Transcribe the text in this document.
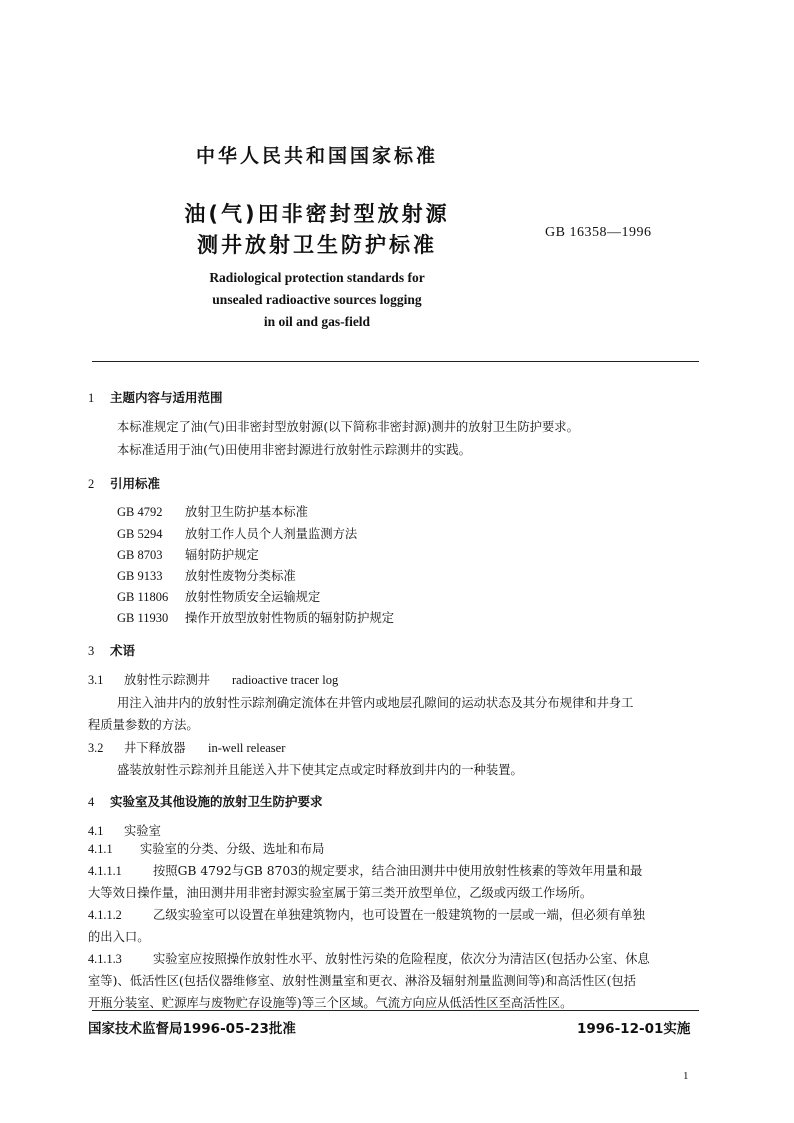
中华人民共和国国家标准
油(气)田非密封型放射源
测井放射卫生防护标准
GB 16358—1996
Radiological protection standards for
unsealed radioactive sources logging
in oil and gas-field
1 主题内容与适用范围
本标准规定了油(气)田非密封型放射源(以下简称非密封源)测井的放射卫生防护要求。
本标准适用于油(气)田使用非密封源进行放射性示踪测井的实践。
2 引用标准
GB 4792 放射卫生防护基本标准
GB 5294 放射工作人员个人剂量监测方法
GB 8703 辐射防护规定
GB 9133 放射性废物分类标准
GB 11806 放射性物质安全运输规定
GB 11930 操作开放型放射性物质的辐射防护规定
3 术语
3.1 放射性示踪测井 radioactive tracer log
用注入油井内的放射性示踪剂确定流体在井管内或地层孔隙间的运动状态及其分布规律和井身工
程质量参数的方法。
3.2 井下释放器 in-well releaser
盛装放射性示踪剂并且能送入井下使其定点或定时释放到井内的一种装置。
4 实验室及其他设施的放射卫生防护要求
4.1 实验室
4.1.1 实验室的分类、分级、选址和布局
4.1.1.1	按照GB 4792与GB 8703的规定要求，结合油田测井中使用放射性核素的等效年用量和最
大等效日操作量，油田测井用非密封源实验室属于第三类开放型单位，乙级或丙级工作场所。
4.1.1.2	乙级实验室可以设置在单独建筑物内，也可设置在一般建筑物的一层或一端，但必须有单独
的出入口。
4.1.1.3	实验室应按照操作放射性水平、放射性污染的危险程度，依次分为清洁区(包括办公室、休息
室等)、低活性区(包括仪器维修室、放射性测量室和更衣、淋浴及辐射剂量监测间等)和高活性区(包括
开瓶分装室、贮源库与废物贮存设施等)等三个区域。气流方向应从低活性区至高活性区。
国家技术监督局1996-05-23批准	1996-12-01实施
1
